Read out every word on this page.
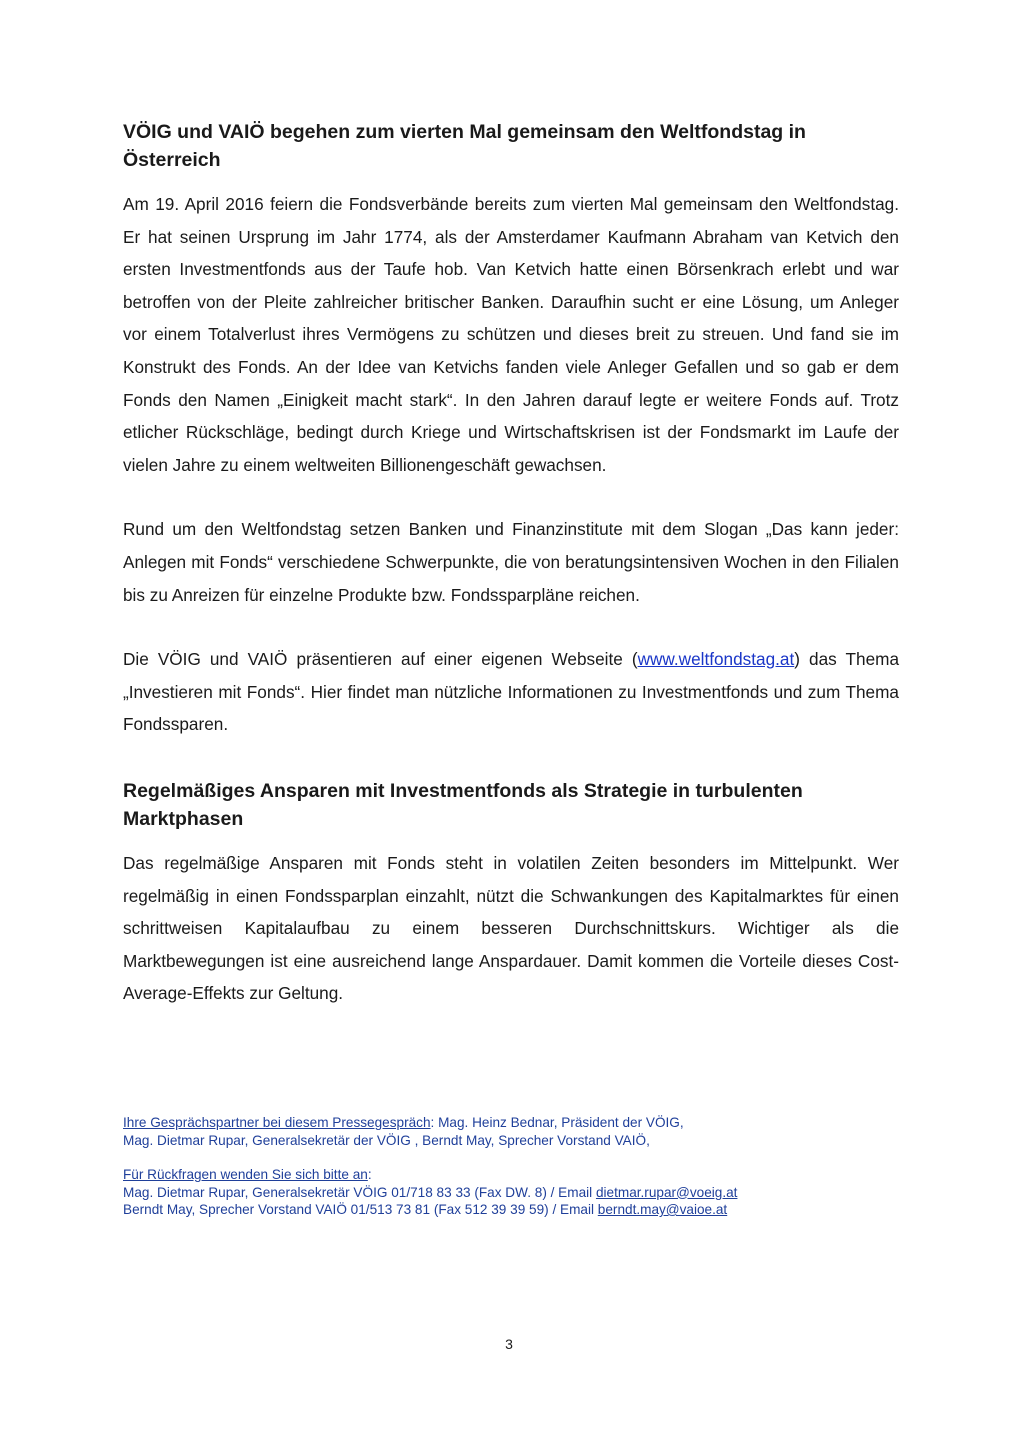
VÖIG und VAIÖ begehen zum vierten Mal gemeinsam den Weltfondstag in Österreich

Am 19. April 2016 feiern die Fondsverbände bereits zum vierten Mal gemeinsam den Weltfondstag. Er hat seinen Ursprung im Jahr 1774, als der Amsterdamer Kaufmann Abraham van Ketvich den ersten Investmentfonds aus der Taufe hob. Van Ketvich hatte einen Börsenkrach erlebt und war betroffen von der Pleite zahlreicher britischer Banken. Daraufhin sucht er eine Lösung, um Anleger vor einem Totalverlust ihres Vermögens zu schützen und dieses breit zu streuen. Und fand sie im Konstrukt des Fonds. An der Idee van Ketvichs fanden viele Anleger Gefallen und so gab er dem Fonds den Namen „Einigkeit macht stark“. In den Jahren darauf legte er weitere Fonds auf. Trotz etlicher Rückschläge, bedingt durch Kriege und Wirtschaftskrisen ist der Fondsmarkt im Laufe der vielen Jahre zu einem weltweiten Billionengeschäft gewachsen.

Rund um den Weltfondstag setzen Banken und Finanzinstitute mit dem Slogan „Das kann jeder: Anlegen mit Fonds“ verschiedene Schwerpunkte, die von beratungsintensiven Wochen in den Filialen bis zu Anreizen für einzelne Produkte bzw. Fondssparpläne reichen.

Die VÖIG und VAIÖ präsentieren auf einer eigenen Webseite (www.weltfondstag.at) das Thema „Investieren mit Fonds“. Hier findet man nützliche Informationen zu Investmentfonds und zum Thema Fondssparen.

Regelmäßiges Ansparen mit Investmentfonds als Strategie in turbulenten Marktphasen

Das regelmäßige Ansparen mit Fonds steht in volatilen Zeiten besonders im Mittelpunkt. Wer regelmäßig in einen Fondssparplan einzahlt, nützt die Schwankungen des Kapitalmarktes für einen schrittweisen Kapitalaufbau zu einem besseren Durchschnittskurs. Wichtiger als die Marktbewegungen ist eine ausreichend lange Anspardauer. Damit kommen die Vorteile dieses Cost-Average-Effekts zur Geltung.

Ihre Gesprächspartner bei diesem Pressegespräch: Mag. Heinz Bednar, Präsident der VÖIG,
Mag. Dietmar Rupar, Generalsekretär der VÖIG , Berndt May, Sprecher Vorstand VAIÖ,
Für Rückfragen wenden Sie sich bitte an:
Mag. Dietmar Rupar, Generalsekretär VÖIG 01/718 83 33 (Fax DW. 8) / Email dietmar.rupar@voeig.at
Berndt May, Sprecher Vorstand VAIÖ 01/513 73 81 (Fax 512 39 39 59) / Email berndt.may@vaioe.at
3
